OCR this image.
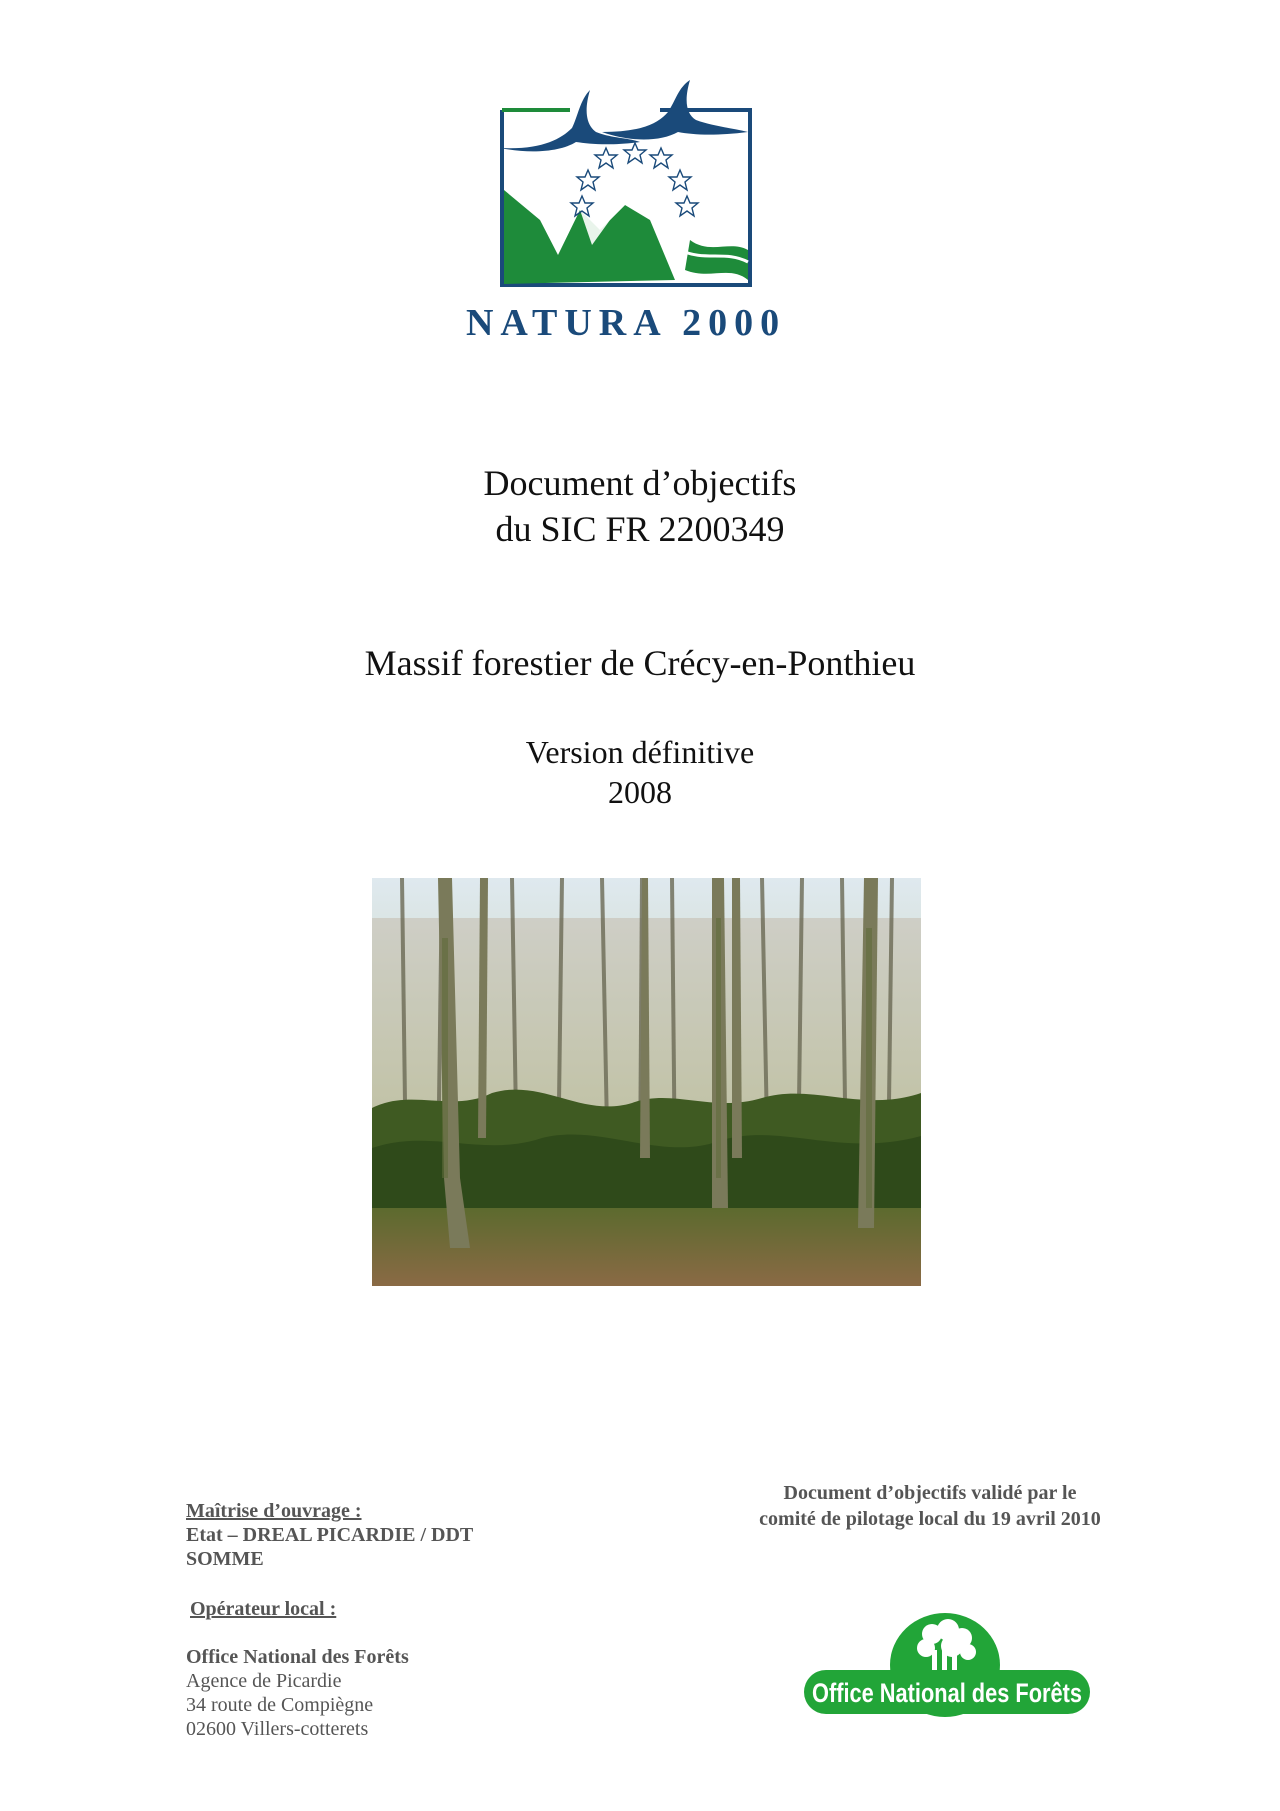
NATURA 2000
Document d’objectifs
du SIC FR 2200349
Massif forestier de Crécy-en-Ponthieu
Version définitive
2008
Maîtrise d’ouvrage :
Etat – DREAL PICARDIE / DDT
SOMME
Opérateur local :
Office National des Forêts
Agence de Picardie
34 route de Compiègne
02600 Villers-cotterets
Document d’objectifs validé par le
comité de pilotage local du 19 avril 2010
Office National des Forêts
